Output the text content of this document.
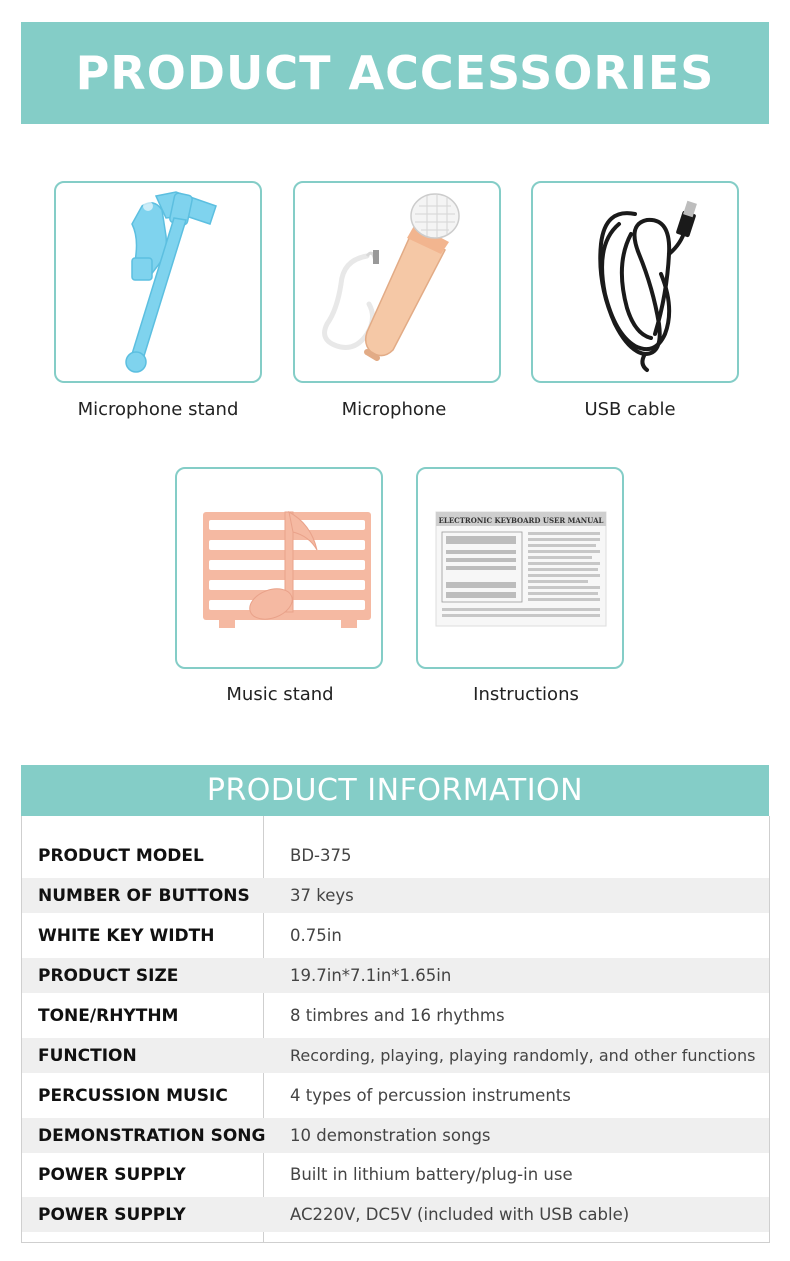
PRODUCT ACCESSORIES
Microphone stand	Microphone	USB cable
Music stand
ELECTRONIC KEYBOARD USER MANUAL
Instructions
PRODUCT INFORMATION
PRODUCT MODEL	BD-375
NUMBER OF BUTTONS 37 keys
WHITE KEY WIDTH	0.75in
PRODUCT SIZE	19.7in*7.1in*1.65in
TONE/RHYTHM	8 timbres and 16 rhythms
FUNCTION	Recording, playing, playing randomly, and other functions
PERCUSSION MUSIC	4 types of percussion instruments
DEMONSTRATION SONG 10 demonstration songs
POWER SUPPLY	Built in lithium battery/plug-in use
POWER SUPPLY	AC220V, DC5V (included with USB cable)
